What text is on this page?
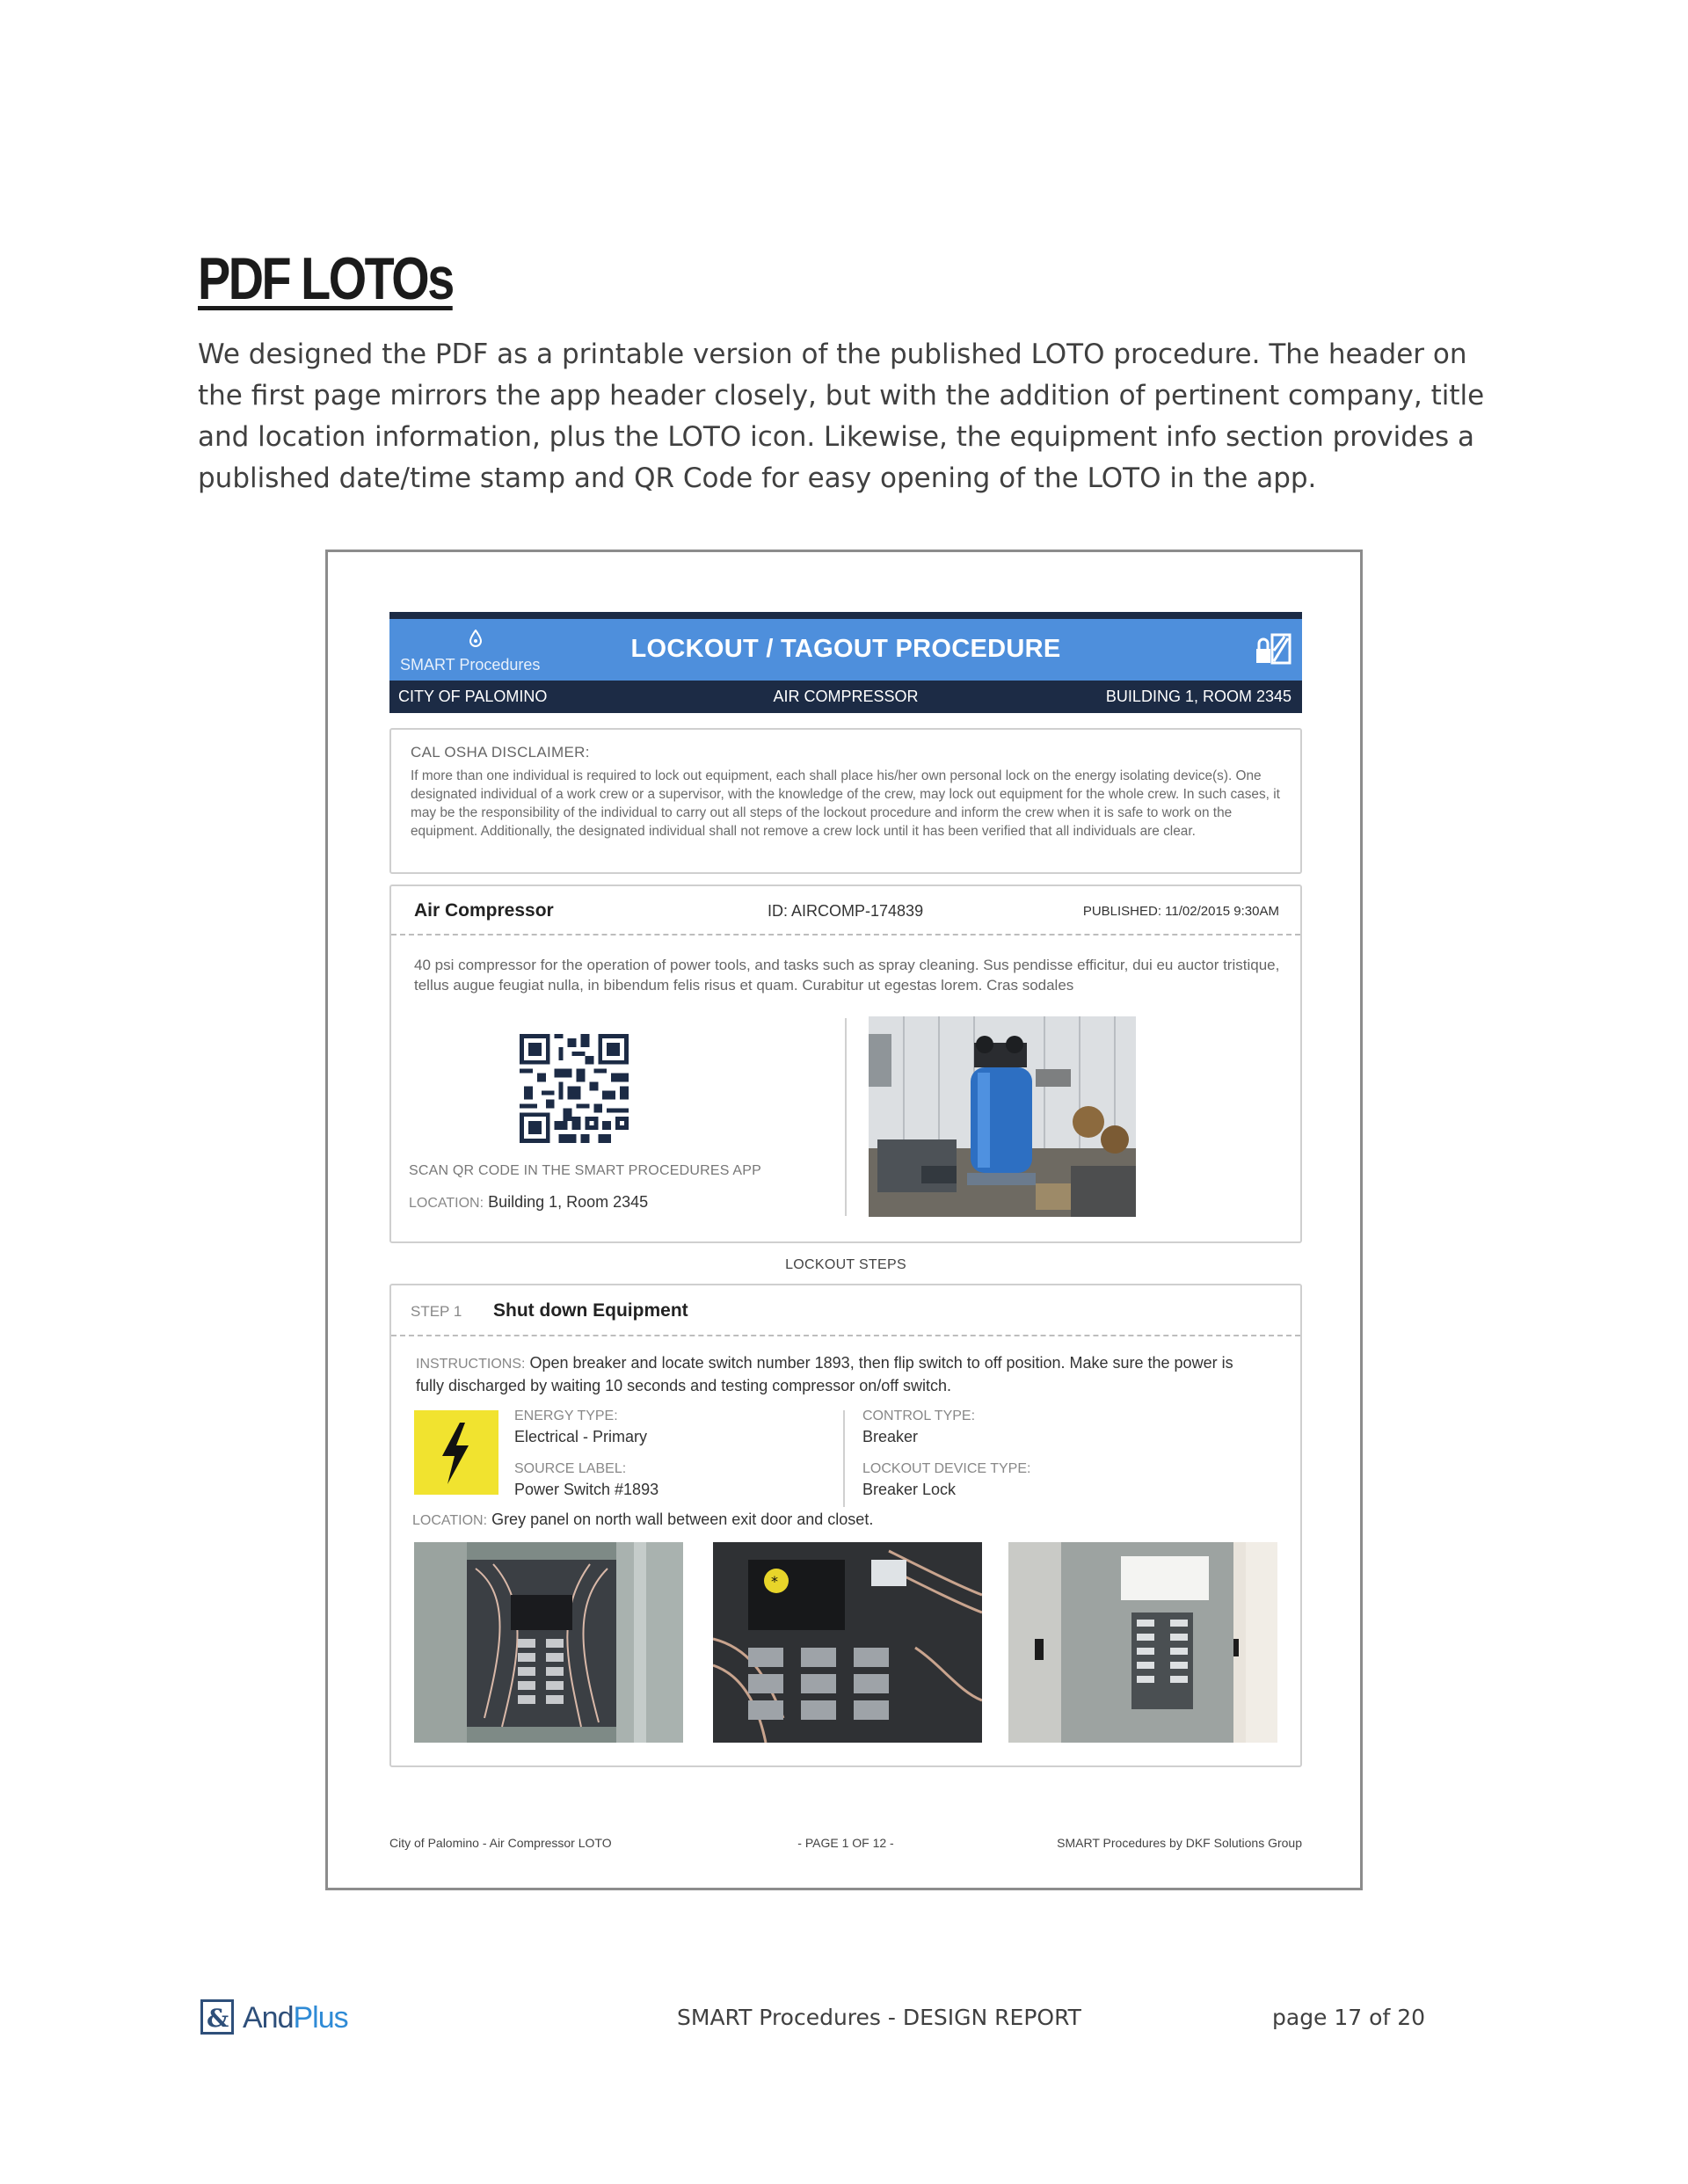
PDF LOTOs

We designed the PDF as a printable version of the published LOTO procedure. The header on the first page mirrors the app header closely, but with the addition of pertinent company, title and location information, plus the LOTO icon. Likewise, the equipment info section provides a published date/time stamp and QR Code for easy opening of the LOTO in the app.

SMART Procedures
LOCKOUT / TAGOUT PROCEDURE
CITY OF PALOMINO	AIR COMPRESSOR	BUILDING 1, ROOM 2345
CAL OSHA DISCLAIMER:
If more than one individual is required to lock out equipment, each shall place his/her own personal lock on the energy isolating device(s). One designated individual of a work crew or a supervisor, with the knowledge of the crew, may lock out equipment for the whole crew. In such cases, it may be the responsibility of the individual to carry out all steps of the lockout procedure and inform the crew when it is safe to work on the equipment. Additionally, the designated individual shall not remove a crew lock until it has been verified that all individuals are clear.
Air Compressor	ID: AIRCOMP-174839	PUBLISHED: 11/02/2015 9:30AM
40 psi compressor for the operation of power tools, and tasks such as spray cleaning. Sus pendisse efficitur, dui eu auctor tristique, tellus augue feugiat nulla, in bibendum felis risus et quam. Curabitur ut egestas lorem. Cras sodales
SCAN QR CODE IN THE SMART PROCEDURES APP
LOCATION: Building 1, Room 2345
LOCKOUT STEPS
STEP 1 Shut down Equipment
INSTRUCTIONS: Open breaker and locate switch number 1893, then flip switch to off position. Make sure the power is fully discharged by waiting 10 seconds and testing compressor on/off switch.
ENERGY TYPE:
Electrical - Primary
SOURCE LABEL:
Power Switch #1893
CONTROL TYPE:
Breaker
LOCKOUT DEVICE TYPE:
Breaker Lock
LOCATION: Grey panel on north wall between exit door and closet.
*
City of Palomino - Air Compressor LOTO	- PAGE 1 OF 12 -	SMART Procedures by DKF Solutions Group
& AndPlus	SMART Procedures - DESIGN REPORT	page 17 of 20
